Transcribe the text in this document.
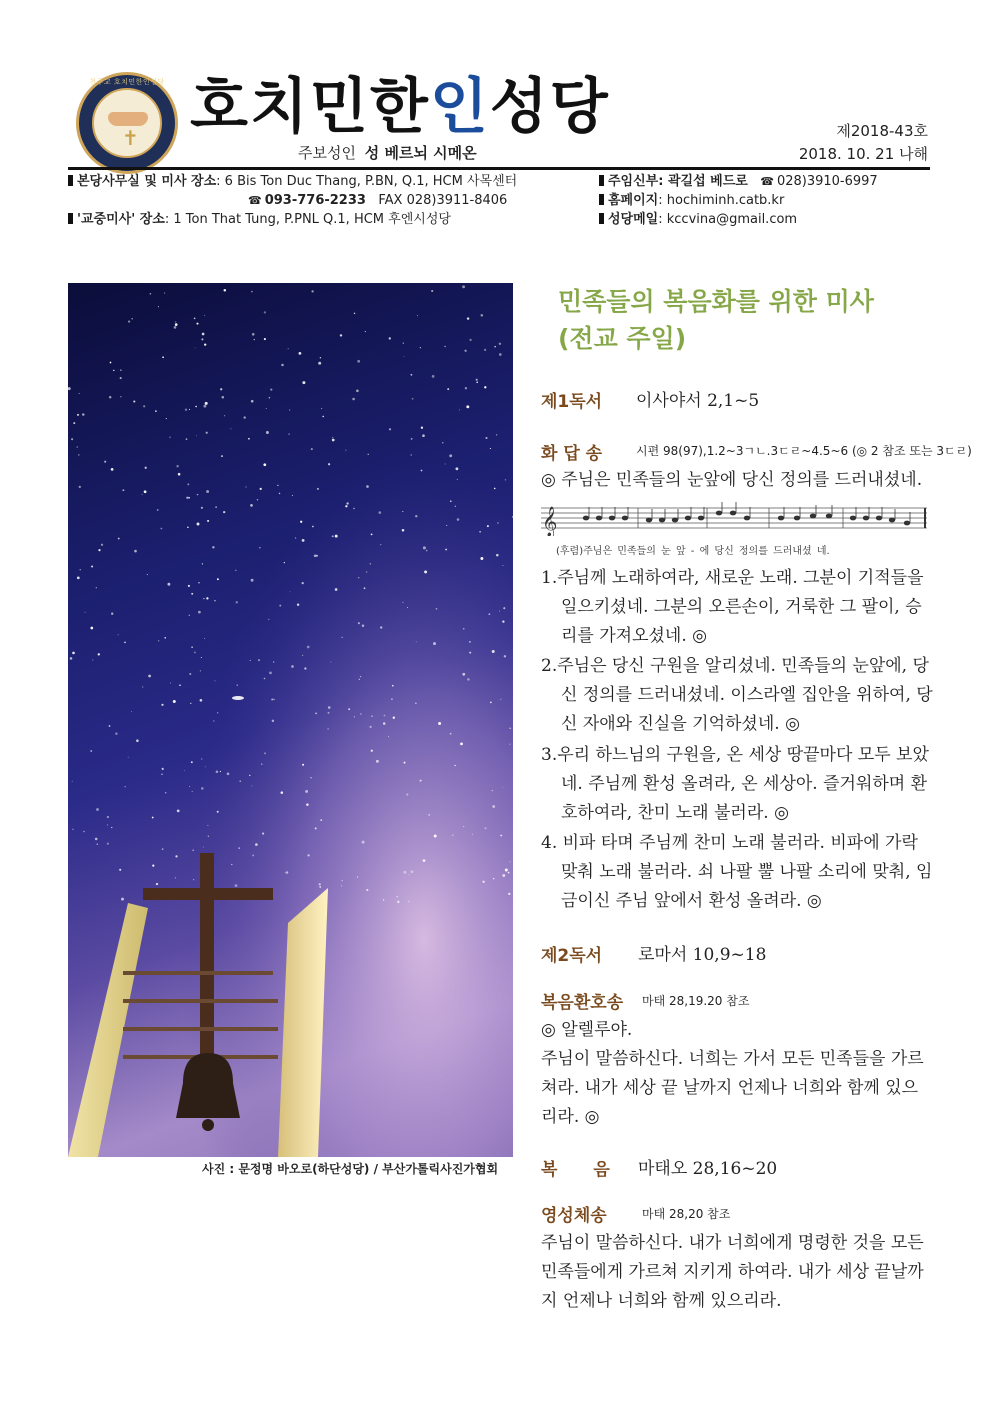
천주교 호치민한인성당
✝ 호치민한인성당
주보성인 성 베르뇌 시메온
제2018-43호
2018. 10. 21 나해
본당사무실 및 미사 장소: 6 Bis Ton Duc Thang, P.BN, Q.1, HCM 사목센터
☎ 093-776-2233 FAX 028)3911-8406
'교중미사' 장소: 1 Ton That Tung, P.PNL Q.1, HCM 후엔시성당
주임신부: 곽길섭 베드로 ☎ 028)3910-6997
홈페이지: hochiminh.catb.kr
성당메일: kccvina@gmail.com
사진 : 문정명 바오로(하단성당) / 부산가톨릭사진가협회
민족들의 복음화를 위한 미사
(전교 주일)
제1독서 이사야서 2,1~5
화 답 송	시편 98(97),1.2~3ㄱㄴ.3ㄷㄹ~4.5~6 (◎ 2 참조 또는 3ㄷㄹ)
◎ 주님은 민족들의 눈앞에 당신 정의를 드러내셨네.
𝄞
(후렴)주님은 민족들의 눈 앞 - 에 당신 정의를 드러내셨 네.
1.주님께 노래하여라, 새로운 노래. 그분이 기적들을 일으키셨네. 그분의 오른손이, 거룩한 그 팔이, 승리를 가져오셨네. ◎
2.주님은 당신 구원을 알리셨네. 민족들의 눈앞에, 당신 정의를 드러내셨네. 이스라엘 집안을 위하여, 당신 자애와 진실을 기억하셨네. ◎
3.우리 하느님의 구원을, 온 세상 땅끝마다 모두 보았네. 주님께 환성 올려라, 온 세상아. 즐거워하며 환호하여라, 찬미 노래 불러라. ◎
4. 비파 타며 주님께 찬미 노래 불러라. 비파에 가락 맞춰 노래 불러라. 쇠 나팔 뿔 나팔 소리에 맞춰, 임금이신 주님 앞에서 환성 올려라. ◎
제2독서 로마서 10,9~18
복음환호송 마태 28,19.20 참조
◎ 알렐루야.
주님이 말씀하신다. 너희는 가서 모든 민족들을 가르쳐라. 내가 세상 끝 날까지 언제나 너희와 함께 있으리라. ◎
복 음 마태오 28,16~20
영성체송	마태 28,20 참조
주님이 말씀하신다. 내가 너희에게 명령한 것을 모든 민족들에게 가르쳐 지키게 하여라. 내가 세상 끝날까지 언제나 너희와 함께 있으리라.
